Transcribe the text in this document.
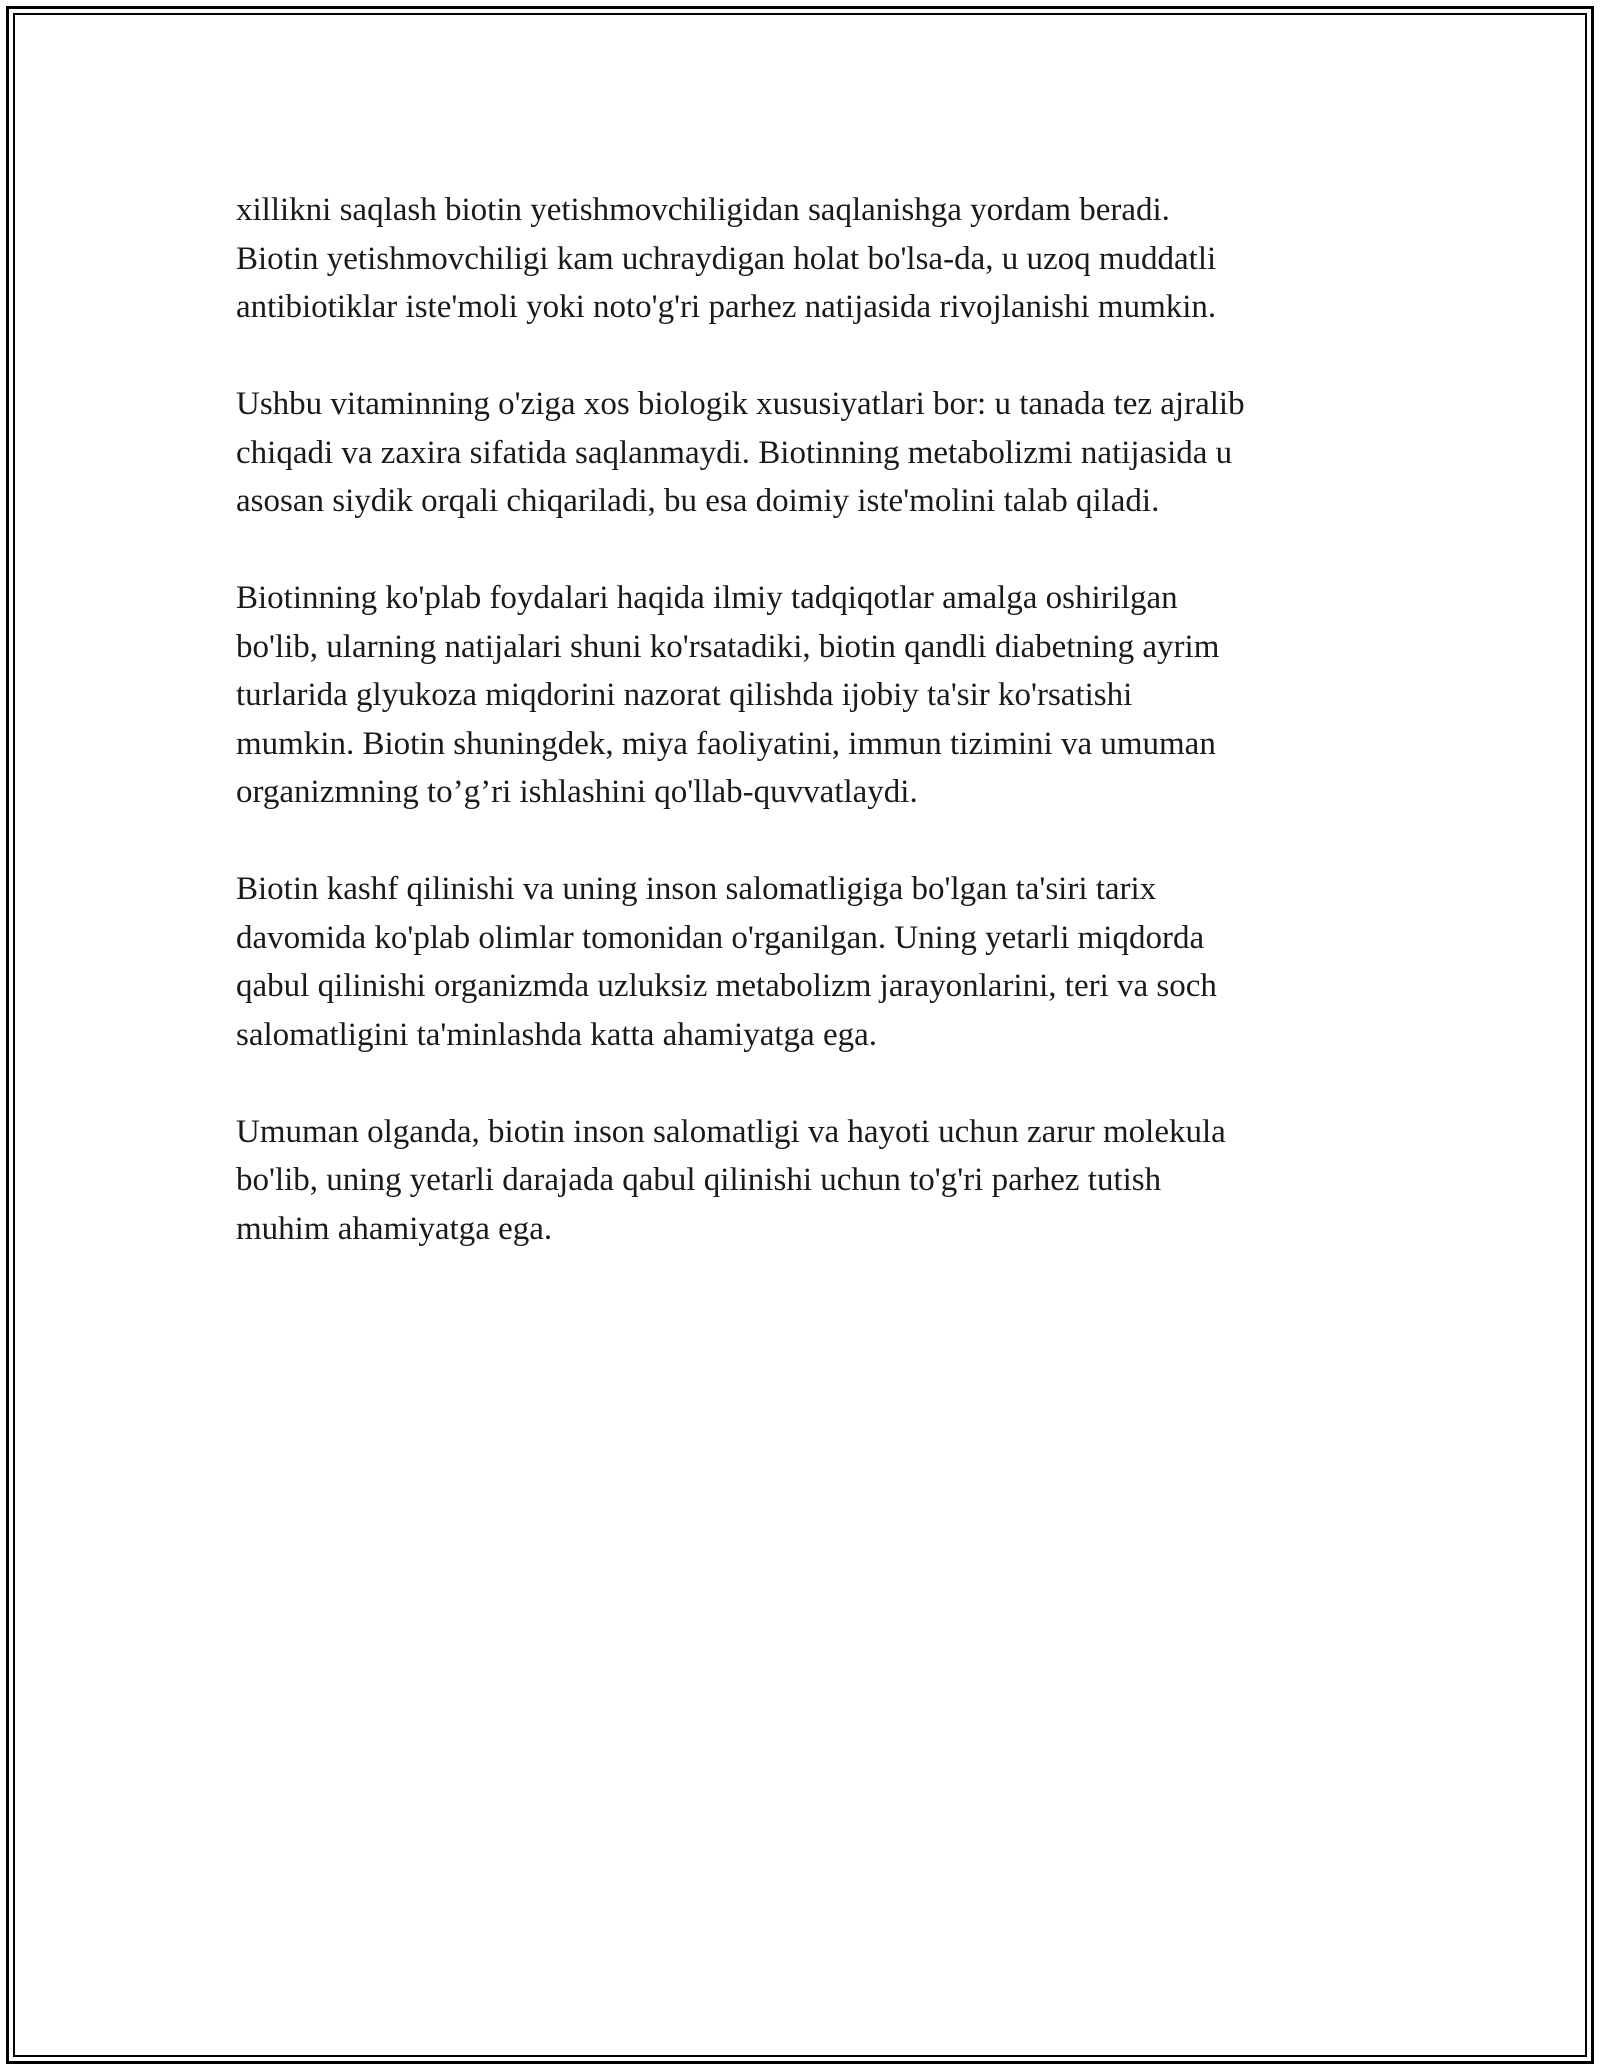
xillikni saqlash biotin yetishmovchiligidan saqlanishga yordam beradi.
Biotin yetishmovchiligi kam uchraydigan holat bo'lsa-da, u uzoq muddatli
antibiotiklar iste'moli yoki noto'g'ri parhez natijasida rivojlanishi mumkin.

Ushbu vitaminning o'ziga xos biologik xususiyatlari bor: u tanada tez ajralib
chiqadi va zaxira sifatida saqlanmaydi. Biotinning metabolizmi natijasida u
asosan siydik orqali chiqariladi, bu esa doimiy iste'molini talab qiladi.

Biotinning ko'plab foydalari haqida ilmiy tadqiqotlar amalga oshirilgan
bo'lib, ularning natijalari shuni ko'rsatadiki, biotin qandli diabetning ayrim
turlarida glyukoza miqdorini nazorat qilishda ijobiy ta'sir ko'rsatishi
mumkin. Biotin shuningdek, miya faoliyatini, immun tizimini va umuman
organizmning to’g’ri ishlashini qo'llab-quvvatlaydi.

Biotin kashf qilinishi va uning inson salomatligiga bo'lgan ta'siri tarix
davomida ko'plab olimlar tomonidan o'rganilgan. Uning yetarli miqdorda
qabul qilinishi organizmda uzluksiz metabolizm jarayonlarini, teri va soch
salomatligini ta'minlashda katta ahamiyatga ega.

Umuman olganda, biotin inson salomatligi va hayoti uchun zarur molekula
bo'lib, uning yetarli darajada qabul qilinishi uchun to'g'ri parhez tutish
muhim ahamiyatga ega.
